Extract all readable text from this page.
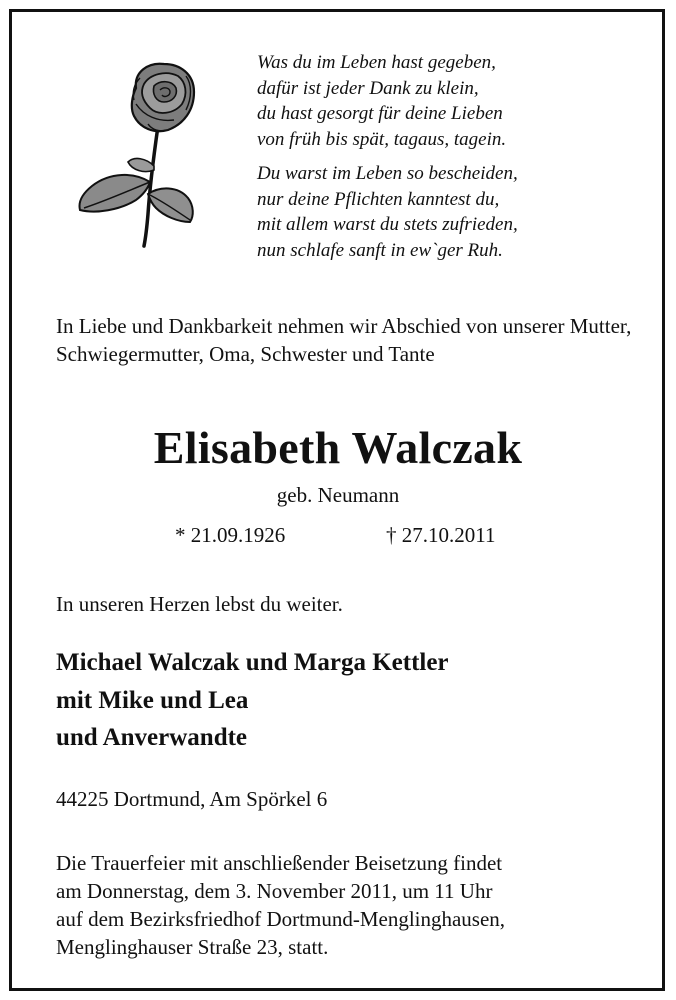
Was du im Leben hast gegeben,
dafür ist jeder Dank zu klein,
du hast gesorgt für deine Lieben
von früh bis spät, tagaus, tagein.
Du warst im Leben so bescheiden,
nur deine Pflichten kanntest du,
mit allem warst du stets zufrieden,
nun schlafe sanft in ew`ger Ruh.
In Liebe und Dankbarkeit nehmen wir Abschied von unserer Mutter, Schwiegermutter, Oma, Schwester und Tante
Elisabeth Walczak
geb. Neumann
* 21.09.1926	† 27.10.2011
In unseren Herzen lebst du weiter.
Michael Walczak und Marga Kettler
mit Mike und Lea
und Anverwandte
44225 Dortmund, Am Spörkel 6
Die Trauerfeier mit anschließender Beisetzung findet
am Donnerstag, dem 3. November 2011, um 11 Uhr
auf dem Bezirksfriedhof Dortmund-Menglinghausen,
Menglinghauser Straße 23, statt.
